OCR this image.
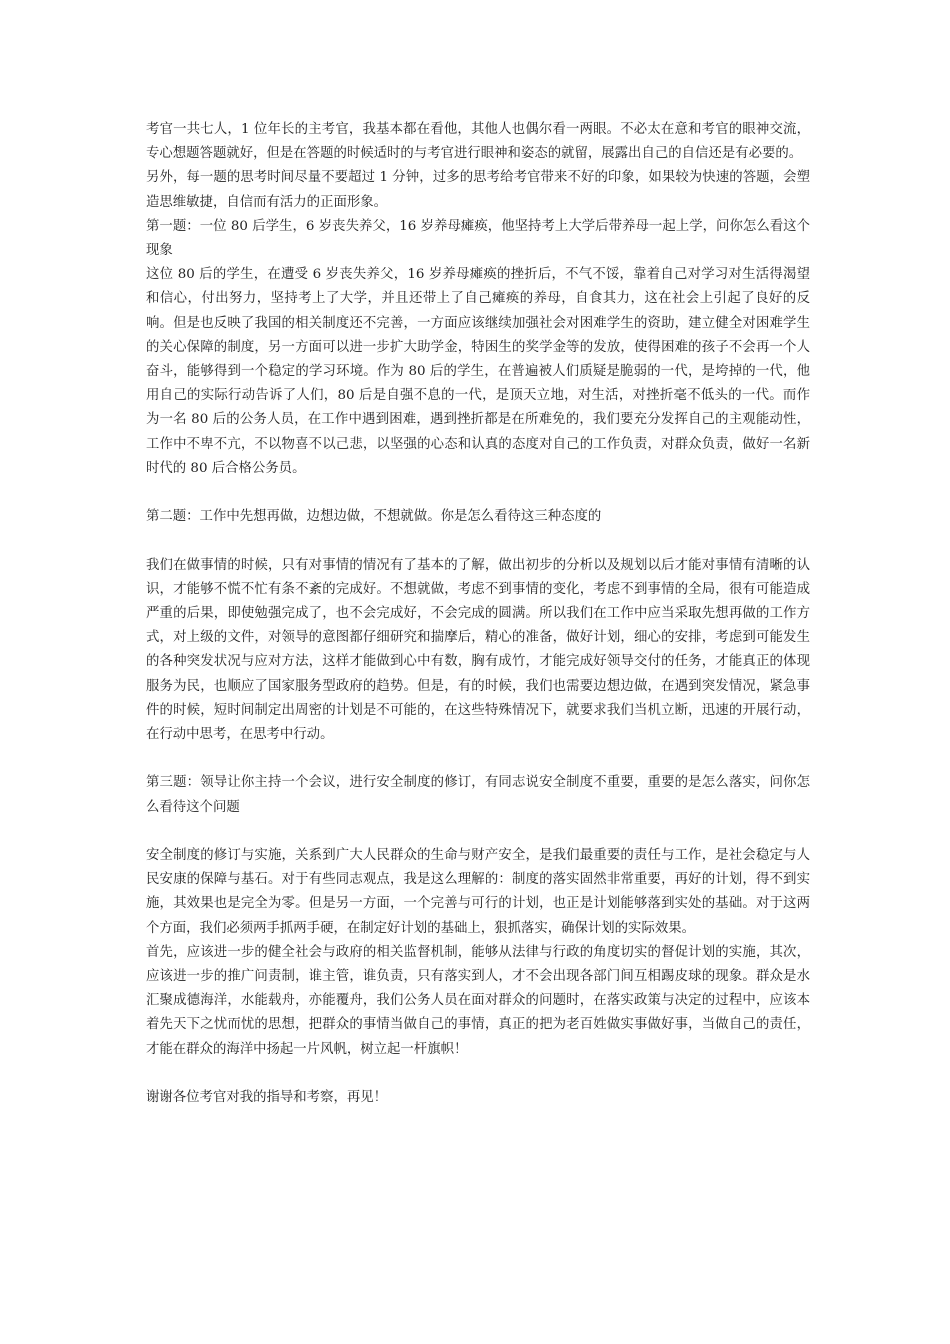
考官一共七人，1 位年长的主考官，我基本都在看他，其他人也偶尔看一两眼。不必太在意和考官的眼神交流，专心想题答题就好，但是在答题的时候适时的与考官进行眼神和姿态的就留，展露出自己的自信还是有必要的。

另外，每一题的思考时间尽量不要超过 1 分钟，过多的思考给考官带来不好的印象，如果较为快速的答题，会塑造思维敏捷，自信而有活力的正面形象。

第一题：一位 80 后学生，6 岁丧失养父，16 岁养母瘫痪，他坚持考上大学后带养母一起上学，问你怎么看这个现象

这位 80 后的学生，在遭受 6 岁丧失养父，16 岁养母瘫痪的挫折后，不气不馁，靠着自己对学习对生活得渴望和信心，付出努力，坚持考上了大学，并且还带上了自己瘫痪的养母，自食其力，这在社会上引起了良好的反响。但是也反映了我国的相关制度还不完善，一方面应该继续加强社会对困难学生的资助，建立健全对困难学生的关心保障的制度，另一方面可以进一步扩大助学金，特困生的奖学金等的发放，使得困难的孩子不会再一个人奋斗，能够得到一个稳定的学习环境。作为 80 后的学生，在普遍被人们质疑是脆弱的一代，是垮掉的一代，他用自己的实际行动告诉了人们，80 后是自强不息的一代，是顶天立地，对生活，对挫折毫不低头的一代。而作为一名 80 后的公务人员，在工作中遇到困难，遇到挫折都是在所难免的，我们要充分发挥自己的主观能动性，工作中不卑不亢，不以物喜不以己悲，以坚强的心态和认真的态度对自己的工作负责，对群众负责，做好一名新时代的 80 后合格公务员。

第二题：工作中先想再做，边想边做，不想就做。你是怎么看待这三种态度的

我们在做事情的时候，只有对事情的情况有了基本的了解，做出初步的分析以及规划以后才能对事情有清晰的认识，才能够不慌不忙有条不紊的完成好。不想就做，考虑不到事情的变化，考虑不到事情的全局，很有可能造成严重的后果，即使勉强完成了，也不会完成好，不会完成的圆满。所以我们在工作中应当采取先想再做的工作方式，对上级的文件，对领导的意图都仔细研究和揣摩后，精心的准备，做好计划，细心的安排，考虑到可能发生的各种突发状况与应对方法，这样才能做到心中有数，胸有成竹，才能完成好领导交付的任务，才能真正的体现服务为民，也顺应了国家服务型政府的趋势。但是，有的时候，我们也需要边想边做，在遇到突发情况，紧急事件的时候，短时间制定出周密的计划是不可能的，在这些特殊情况下，就要求我们当机立断，迅速的开展行动，在行动中思考，在思考中行动。

第三题：领导让你主持一个会议，进行安全制度的修订，有同志说安全制度不重要，重要的是怎么落实，问你怎么看待这个问题

安全制度的修订与实施，关系到广大人民群众的生命与财产安全，是我们最重要的责任与工作，是社会稳定与人民安康的保障与基石。对于有些同志观点，我是这么理解的：制度的落实固然非常重要，再好的计划，得不到实施，其效果也是完全为零。但是另一方面，一个完善与可行的计划，也正是计划能够落到实处的基础。对于这两个方面，我们必须两手抓两手硬，在制定好计划的基础上，狠抓落实，确保计划的实际效果。

首先，应该进一步的健全社会与政府的相关监督机制，能够从法律与行政的角度切实的督促计划的实施，其次，应该进一步的推广问责制，谁主管，谁负责，只有落实到人，才不会出现各部门间互相踢皮球的现象。群众是水汇聚成德海洋，水能载舟，亦能覆舟，我们公务人员在面对群众的问题时，在落实政策与决定的过程中，应该本着先天下之忧而忧的思想，把群众的事情当做自己的事情，真正的把为老百姓做实事做好事，当做自己的责任，才能在群众的海洋中扬起一片风帆，树立起一杆旗帜！

谢谢各位考官对我的指导和考察，再见！
